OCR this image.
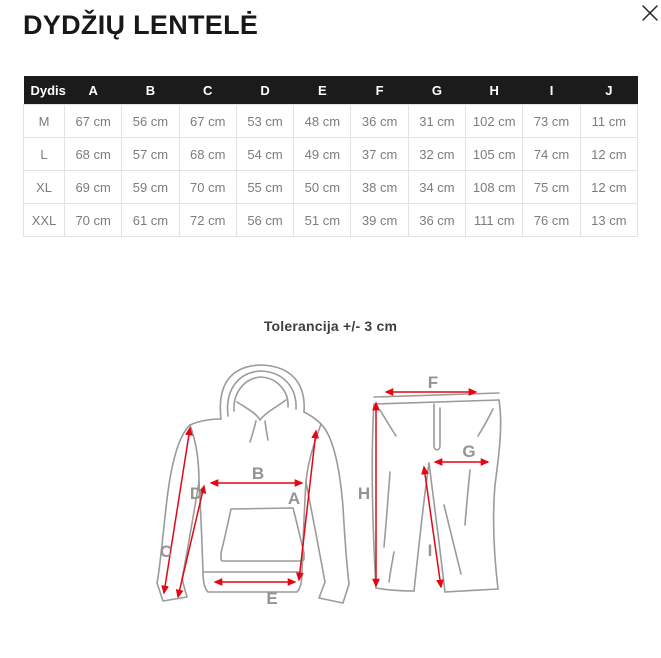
DYDŽIŲ LENTELĖ
Dydis	A	B	C	D	E	F	G	H	I	J
M	67 cm	56 cm	67 cm	53 cm	48 cm	36 cm	31 cm	102 cm	73 cm	11 cm
L	68 cm	57 cm	68 cm	54 cm	49 cm	37 cm	32 cm	105 cm	74 cm	12 cm
XL	69 cm	59 cm	70 cm	55 cm	50 cm	38 cm	34 cm	108 cm	75 cm	12 cm
XXL	70 cm	61 cm	72 cm	56 cm	51 cm	39 cm	36 cm	111 cm	76 cm	13 cm
Tolerancija +/- 3 cm
B
D	A
C
E
F
G
H
I
